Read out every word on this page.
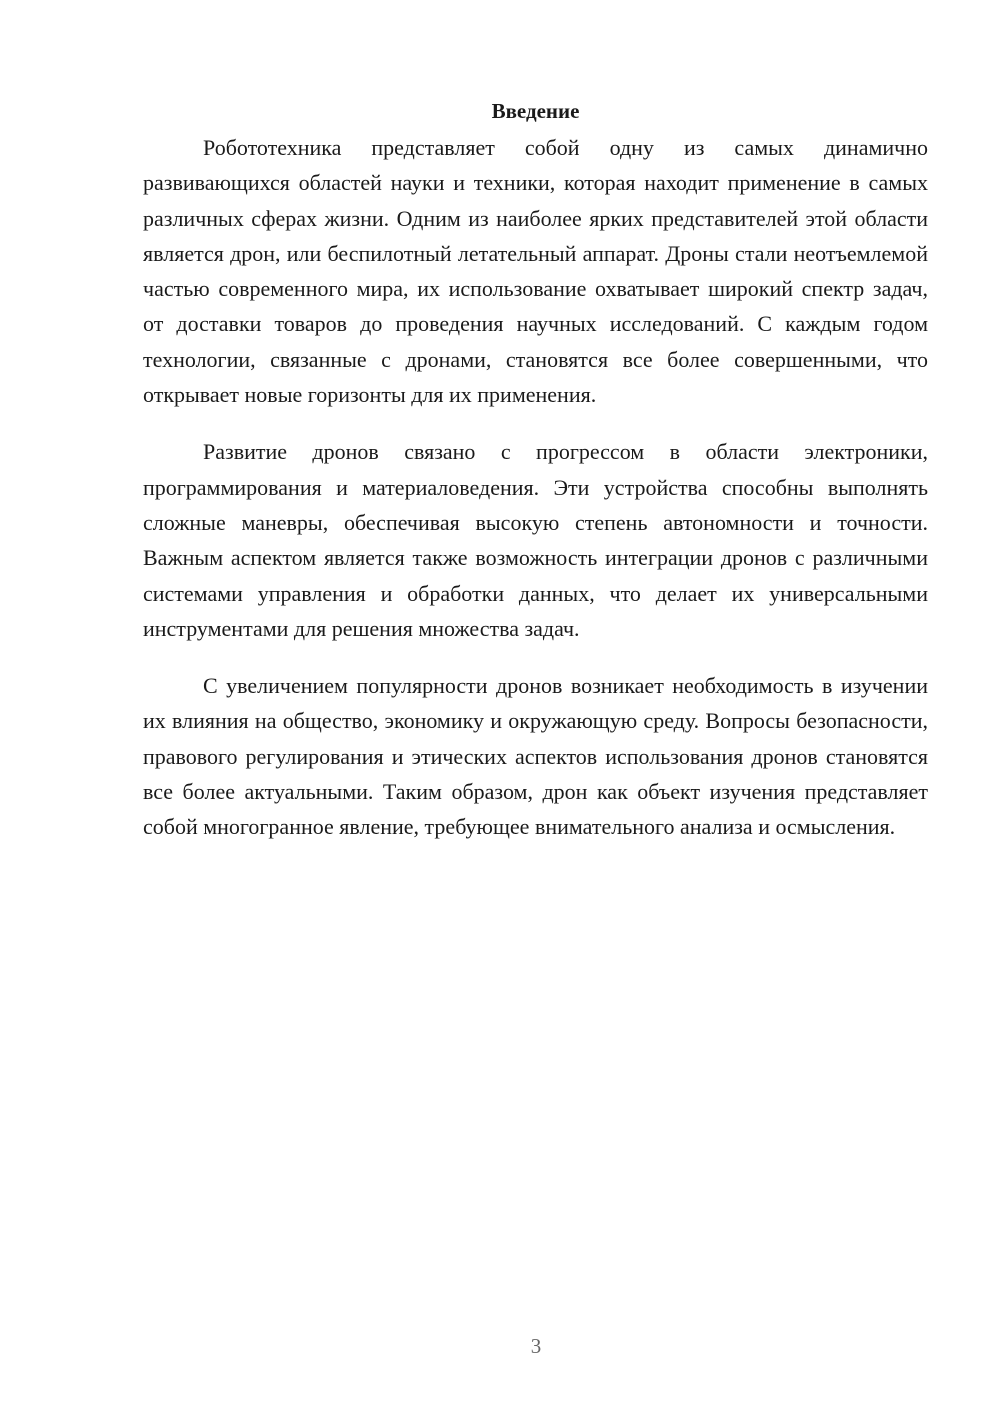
Введение

Робототехника представляет собой одну из самых динамично развивающихся областей науки и техники, которая находит применение в самых различных сферах жизни. Одним из наиболее ярких представителей этой области является дрон, или беспилотный летательный аппарат. Дроны стали неотъемлемой частью современного мира, их использование охватывает широкий спектр задач, от доставки товаров до проведения научных исследований. С каждым годом технологии, связанные с дронами, становятся все более совершенными, что открывает новые горизонты для их применения.

Развитие дронов связано с прогрессом в области электроники, программирования и материаловедения. Эти устройства способны выполнять сложные маневры, обеспечивая высокую степень автономности и точности. Важным аспектом является также возможность интеграции дронов с различными системами управления и обработки данных, что делает их универсальными инструментами для решения множества задач.

С увеличением популярности дронов возникает необходимость в изучении их влияния на общество, экономику и окружающую среду. Вопросы безопасности, правового регулирования и этических аспектов использования дронов становятся все более актуальными. Таким образом, дрон как объект изучения представляет собой многогранное явление, требующее внимательного анализа и осмысления.

3
